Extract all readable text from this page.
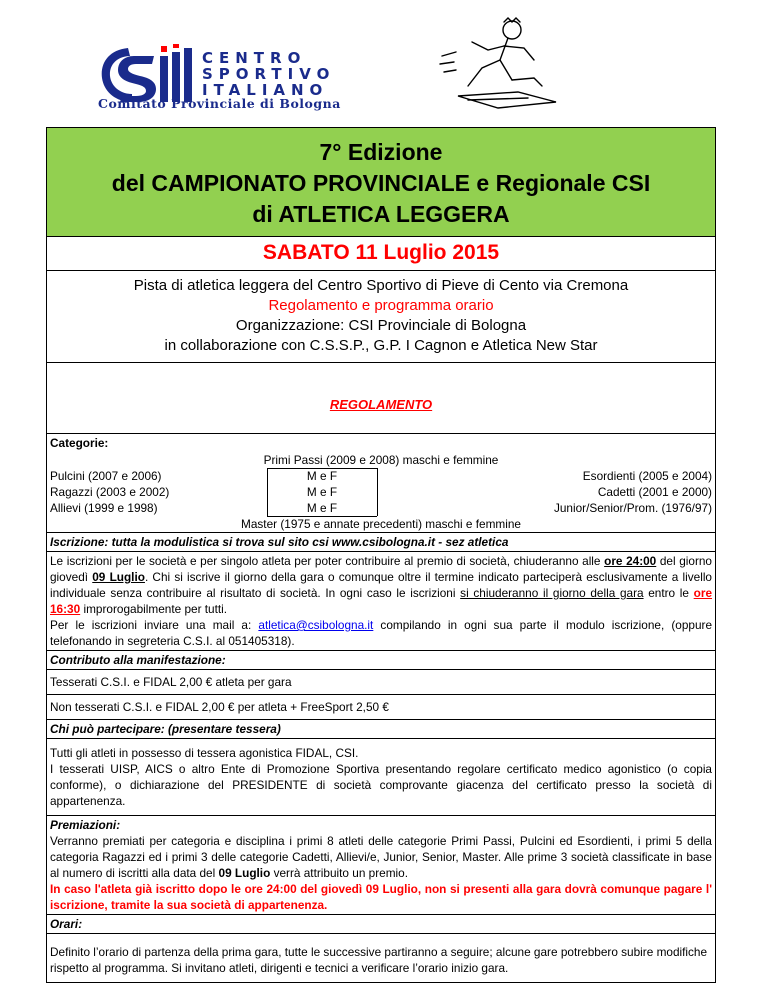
CENTRO
SPORTIVO
ITALIANO
Comitato Provinciale di Bologna
7° Edizione
del CAMPIONATO PROVINCIALE e Regionale CSI
di ATLETICA LEGGERA
SABATO 11 Luglio 2015
Pista di atletica leggera del Centro Sportivo di Pieve di Cento via Cremona
Regolamento e programma orario
Organizzazione: CSI Provinciale di Bologna
in collaborazione con C.S.S.P., G.P. I Cagnon e Atletica New Star
REGOLAMENTO
Categorie:
Primi Passi (2009 e 2008) maschi e femmine
Pulcini (2007 e 2006)	M e F	Esordienti (2005 e 2004)
Ragazzi (2003 e 2002)	M e F	Cadetti (2001 e 2000)
Allievi (1999 e 1998)	M e F	Junior/Senior/Prom. (1976/97)
Master (1975 e annate precedenti) maschi e femmine
Iscrizione: tutta la modulistica si trova sul sito csi www.csibologna.it - sez atletica
Le iscrizioni per le società e per singolo atleta per poter contribuire al premio di società, chiuderanno alle ore 24:00 del giorno giovedì 09 Luglio. Chi si iscrive il giorno della gara o comunque oltre il termine indicato parteciperà esclusivamente a livello individuale senza contribuire al risultato di società. In ogni caso le iscrizioni si chiuderanno il giorno della gara entro le ore 16:30 improrogabilmente per tutti.
Per le iscrizioni inviare una mail a: atletica@csibologna.it compilando in ogni sua parte il modulo iscrizione, (oppure telefonando in segreteria C.S.I. al 051405318).
Contributo alla manifestazione:
Tesserati C.S.I. e FIDAL 2,00 € atleta per gara
Non tesserati C.S.I. e FIDAL 2,00 € per atleta + FreeSport 2,50 €
Chi può partecipare: (presentare tessera)
Tutti gli atleti in possesso di tessera agonistica FIDAL, CSI.
I tesserati UISP, AICS o altro Ente di Promozione Sportiva presentando regolare certificato medico agonistico (o copia conforme), o dichiarazione del PRESIDENTE di società comprovante giacenza del certificato presso la società di appartenenza.
Premiazioni:
Verranno premiati per categoria e disciplina i primi 8 atleti delle categorie Primi Passi, Pulcini ed Esordienti, i primi 5 della categoria Ragazzi ed i primi 3 delle categorie Cadetti, Allievi/e, Junior, Senior, Master. Alle prime 3 società classificate in base al numero di iscritti alla data del 09 Luglio verrà attribuito un premio.
In caso l'atleta già iscritto dopo le ore 24:00 del giovedì 09 Luglio, non si presenti alla gara dovrà comunque pagare l' iscrizione, tramite la sua società di appartenenza.
Orari:
Definito l’orario di partenza della prima gara, tutte le successive partiranno a seguire; alcune gare potrebbero subire modifiche rispetto al programma. Si invitano atleti, dirigenti e tecnici a verificare l’orario inizio gara.
